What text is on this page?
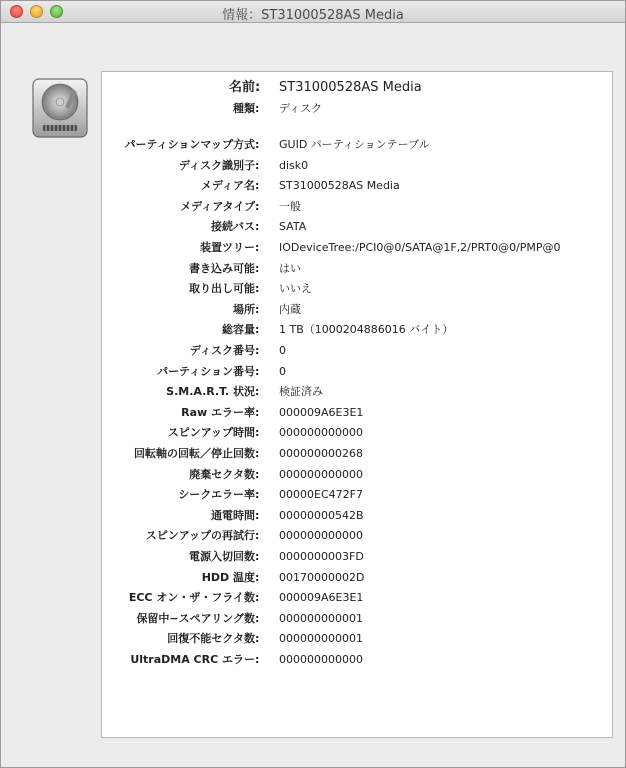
情報：ST31000528AS Media
名前 : ST31000528AS Media
種類 : ディスク
パーティションマップ方式 : GUID パーティションテーブル
ディスク識別子 : disk0
メディア名 : ST31000528AS Media
メディアタイプ : 一般
接続バス : SATA
装置ツリー : IODeviceTree:/PCI0@0/SATA@1F,2/PRT0@0/PMP@0
書き込み可能 : はい
取り出し可能 : いいえ
場所 : 内蔵
総容量 : 1 TB（1000204886016 バイト）
ディスク番号 : 0
パーティション番号 : 0
S.M.A.R.T. 状況 : 検証済み
Raw エラー率 : 000009A6E3E1
スピンアップ時間 : 000000000000
回転軸の回転／停止回数 : 000000000268
廃棄セクタ数 : 000000000000
シークエラー率 : 00000EC472F7
通電時間 : 00000000542B
スピンアップの再試行 : 000000000000
電源入切回数 : 0000000003FD
HDD 温度 : 00170000002D
ECC オン・ザ・フライ数 : 000009A6E3E1
保留中−スペアリング数 : 000000000001
回復不能セクタ数 : 000000000001
UltraDMA CRC エラー : 000000000000
